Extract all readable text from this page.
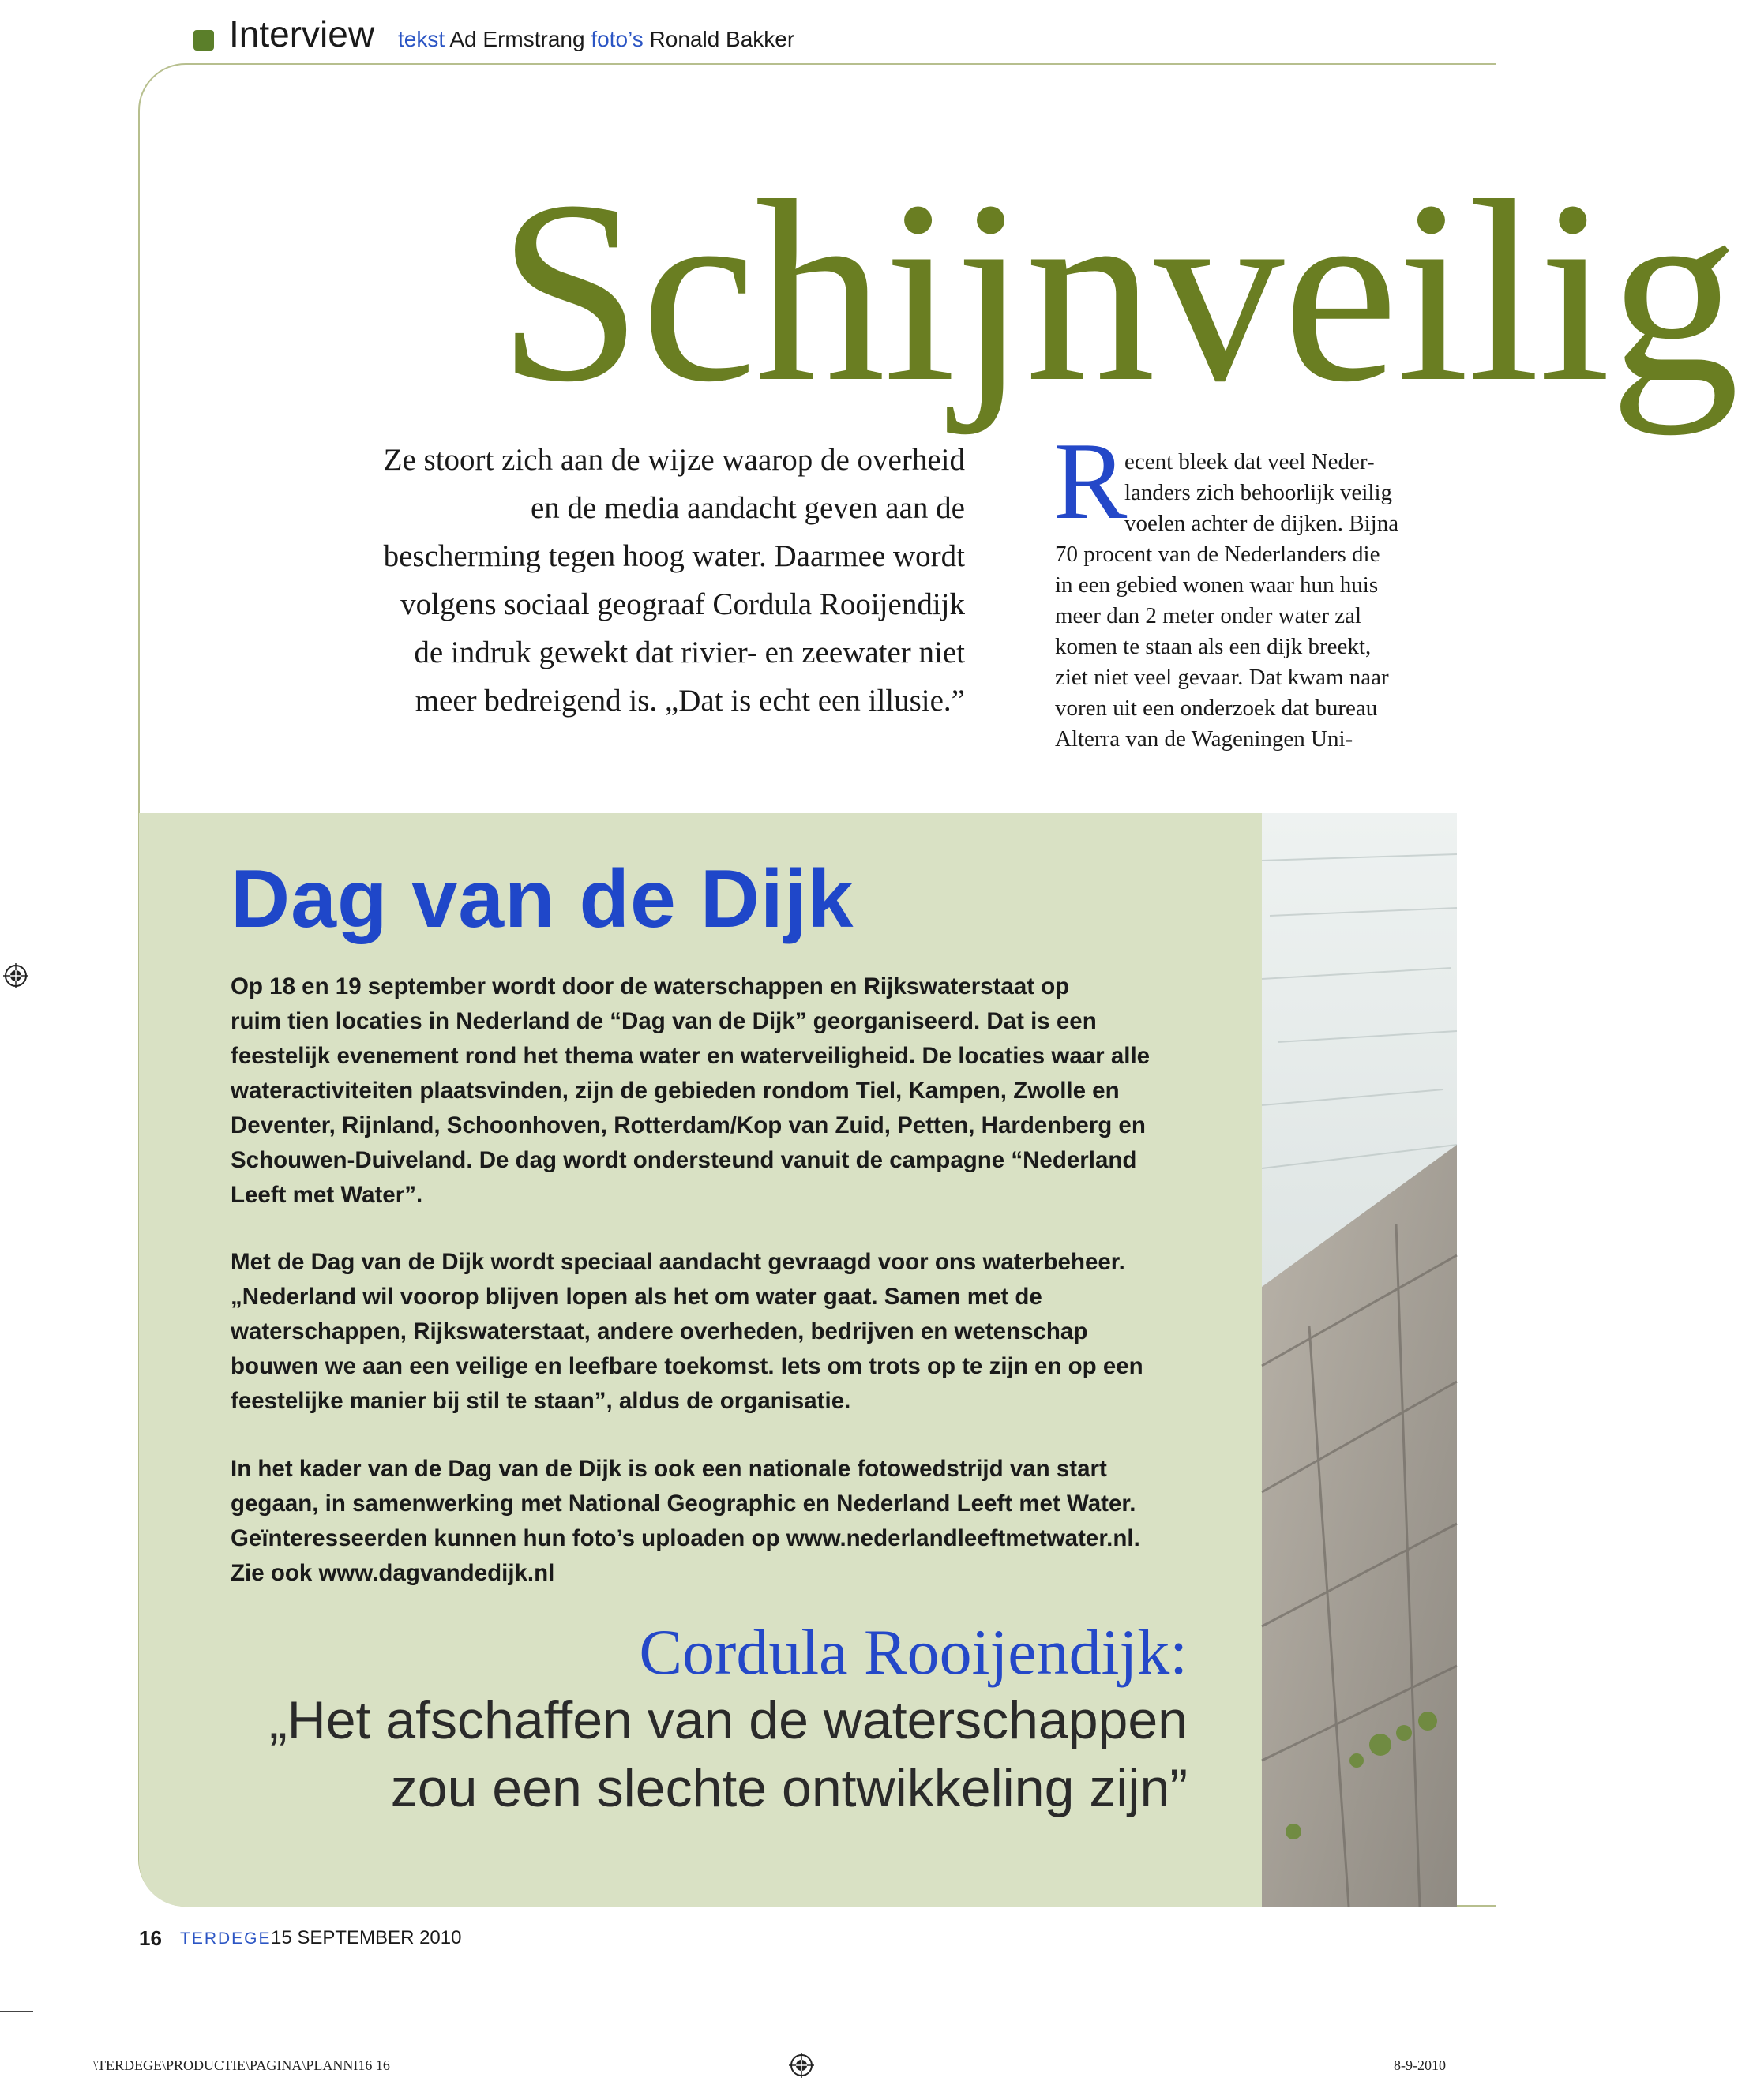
Interview tekst Ad Ermstrang foto’s Ronald Bakker
Schijnveilig
Ze stoort zich aan de wijze waarop de overheid en de media aandacht geven aan de bescherming tegen hoog water. Daarmee wordt volgens sociaal geograaf Cordula Rooijendijk de indruk gewekt dat rivier- en zeewater niet meer bedreigend is. „Dat is echt een illusie.”
R
ecent bleek dat veel Neder-
landers zich behoorlijk veilig
voelen achter de dijken. Bijna
70 procent van de Nederlanders die
in een gebied wonen waar hun huis
meer dan 2 meter onder water zal
komen te staan als een dijk breekt,
ziet niet veel gevaar. Dat kwam naar
voren uit een onderzoek dat bureau
Alterra van de Wageningen Uni-
Dag van de Dijk
Op 18 en 19 september wordt door de waterschappen en Rijkswaterstaat op
ruim tien locaties in Nederland de “Dag van de Dijk” georganiseerd. Dat is een
feestelijk evenement rond het thema water en waterveiligheid. De locaties waar alle
wateractiviteiten plaatsvinden, zijn de gebieden rondom Tiel, Kampen, Zwolle en
Deventer, Rijnland, Schoonhoven, Rotterdam/Kop van Zuid, Petten, Hardenberg en
Schouwen-Duiveland. De dag wordt ondersteund vanuit de campagne “Nederland
Leeft met Water”.
Met de Dag van de Dijk wordt speciaal aandacht gevraagd voor ons waterbeheer.
„Nederland wil voorop blijven lopen als het om water gaat. Samen met de
waterschappen, Rijkswaterstaat, andere overheden, bedrijven en wetenschap
bouwen we aan een veilige en leefbare toekomst. Iets om trots op te zijn en op een
feestelijke manier bij stil te staan”, aldus de organisatie.
In het kader van de Dag van de Dijk is ook een nationale fotowedstrijd van start
gegaan, in samenwerking met National Geographic en Nederland Leeft met Water.
Geïnteresseerden kunnen hun foto’s uploaden op www.nederlandleeftmetwater.nl.
Zie ook www.dagvandedijk.nl
Cordula Rooijendijk:
„Het afschaffen van de waterschappen
zou een slechte ontwikkeling zijn”
16 TERDEGE 15 SEPTEMBER 2010
\TERDEGE\PRODUCTIE\PAGINA\PLANNI16 16	8-9-2010
